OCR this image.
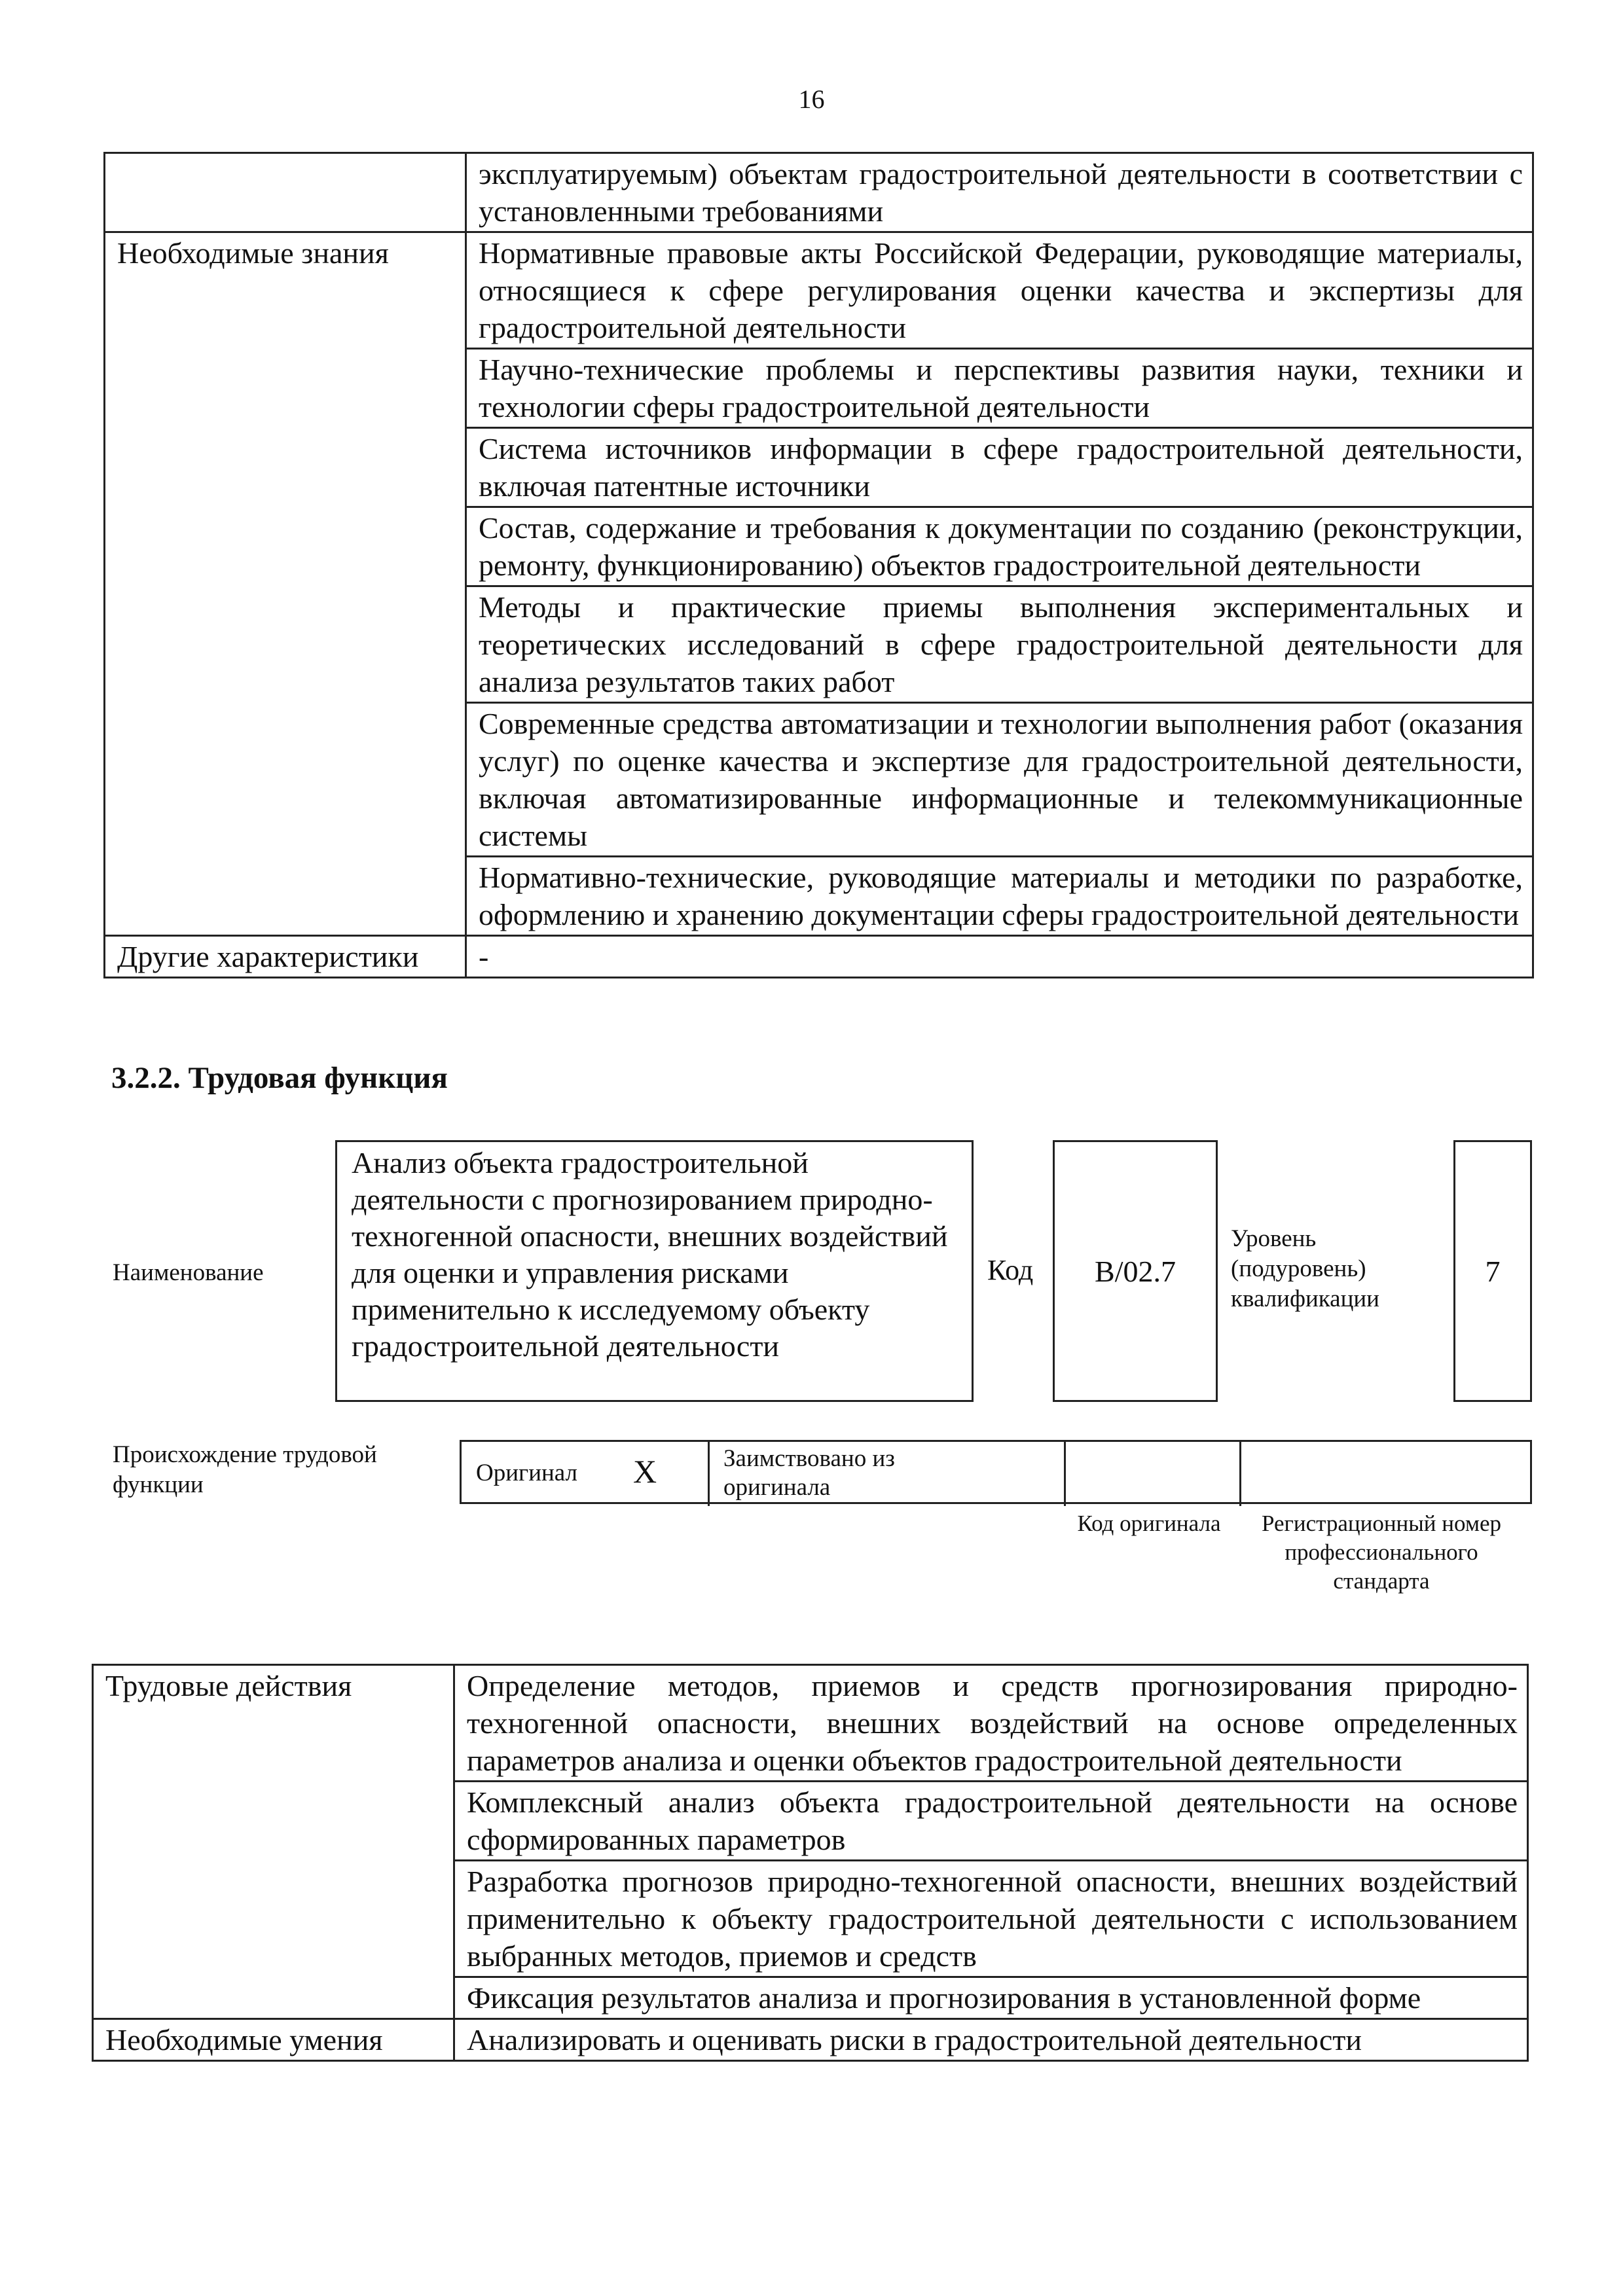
16
	эксплуатируемым) объектам градостроительной деятельности в соответствии с установленными требованиями
Необходимые знания	Нормативные правовые акты Российской Федерации, руководящие материалы, относящиеся к сфере регулирования оценки качества и экспертизы для градостроительной деятельности
	Научно-технические проблемы и перспективы развития науки, техники и технологии сферы градостроительной деятельности
	Система источников информации в сфере градостроительной деятельности, включая патентные источники
	Состав, содержание и требования к документации по созданию (реконструкции, ремонту, функционированию) объектов градостроительной деятельности
	Методы и практические приемы выполнения экспериментальных и теоретических исследований в сфере градостроительной деятельности для анализа результатов таких работ
	Современные средства автоматизации и технологии выполнения работ (оказания услуг) по оценке качества и экспертизе для градостроительной деятельности, включая автоматизированные информационные и телекоммуникационные системы
	Нормативно-технические, руководящие материалы и методики по разработке, оформлению и хранению документации сферы градостроительной деятельности
Другие характеристики	-
3.2.2. Трудовая функция
Наименование
Анализ объекта градостроительной деятельности с прогнозированием природно-техногенной опасности, внешних воздействий для оценки и управления рисками применительно к исследуемому объекту градостроительной деятельности
Код B/02.7
Уровень (подуровень) квалификации
7
Происхождение трудовой функции	Оригинал X	Заимствовано из оригинала
Код оригинала	Регистрационный номер профессионального стандарта
Трудовые действия	Определение методов, приемов и средств прогнозирования природно-техногенной опасности, внешних воздействий на основе определенных параметров анализа и оценки объектов градостроительной деятельности
	Комплексный анализ объекта градостроительной деятельности на основе сформированных параметров
	Разработка прогнозов природно-техногенной опасности, внешних воздействий применительно к объекту градостроительной деятельности с использованием выбранных методов, приемов и средств
	Фиксация результатов анализа и прогнозирования в установленной форме
Необходимые умения	Анализировать и оценивать риски в градостроительной деятельности
